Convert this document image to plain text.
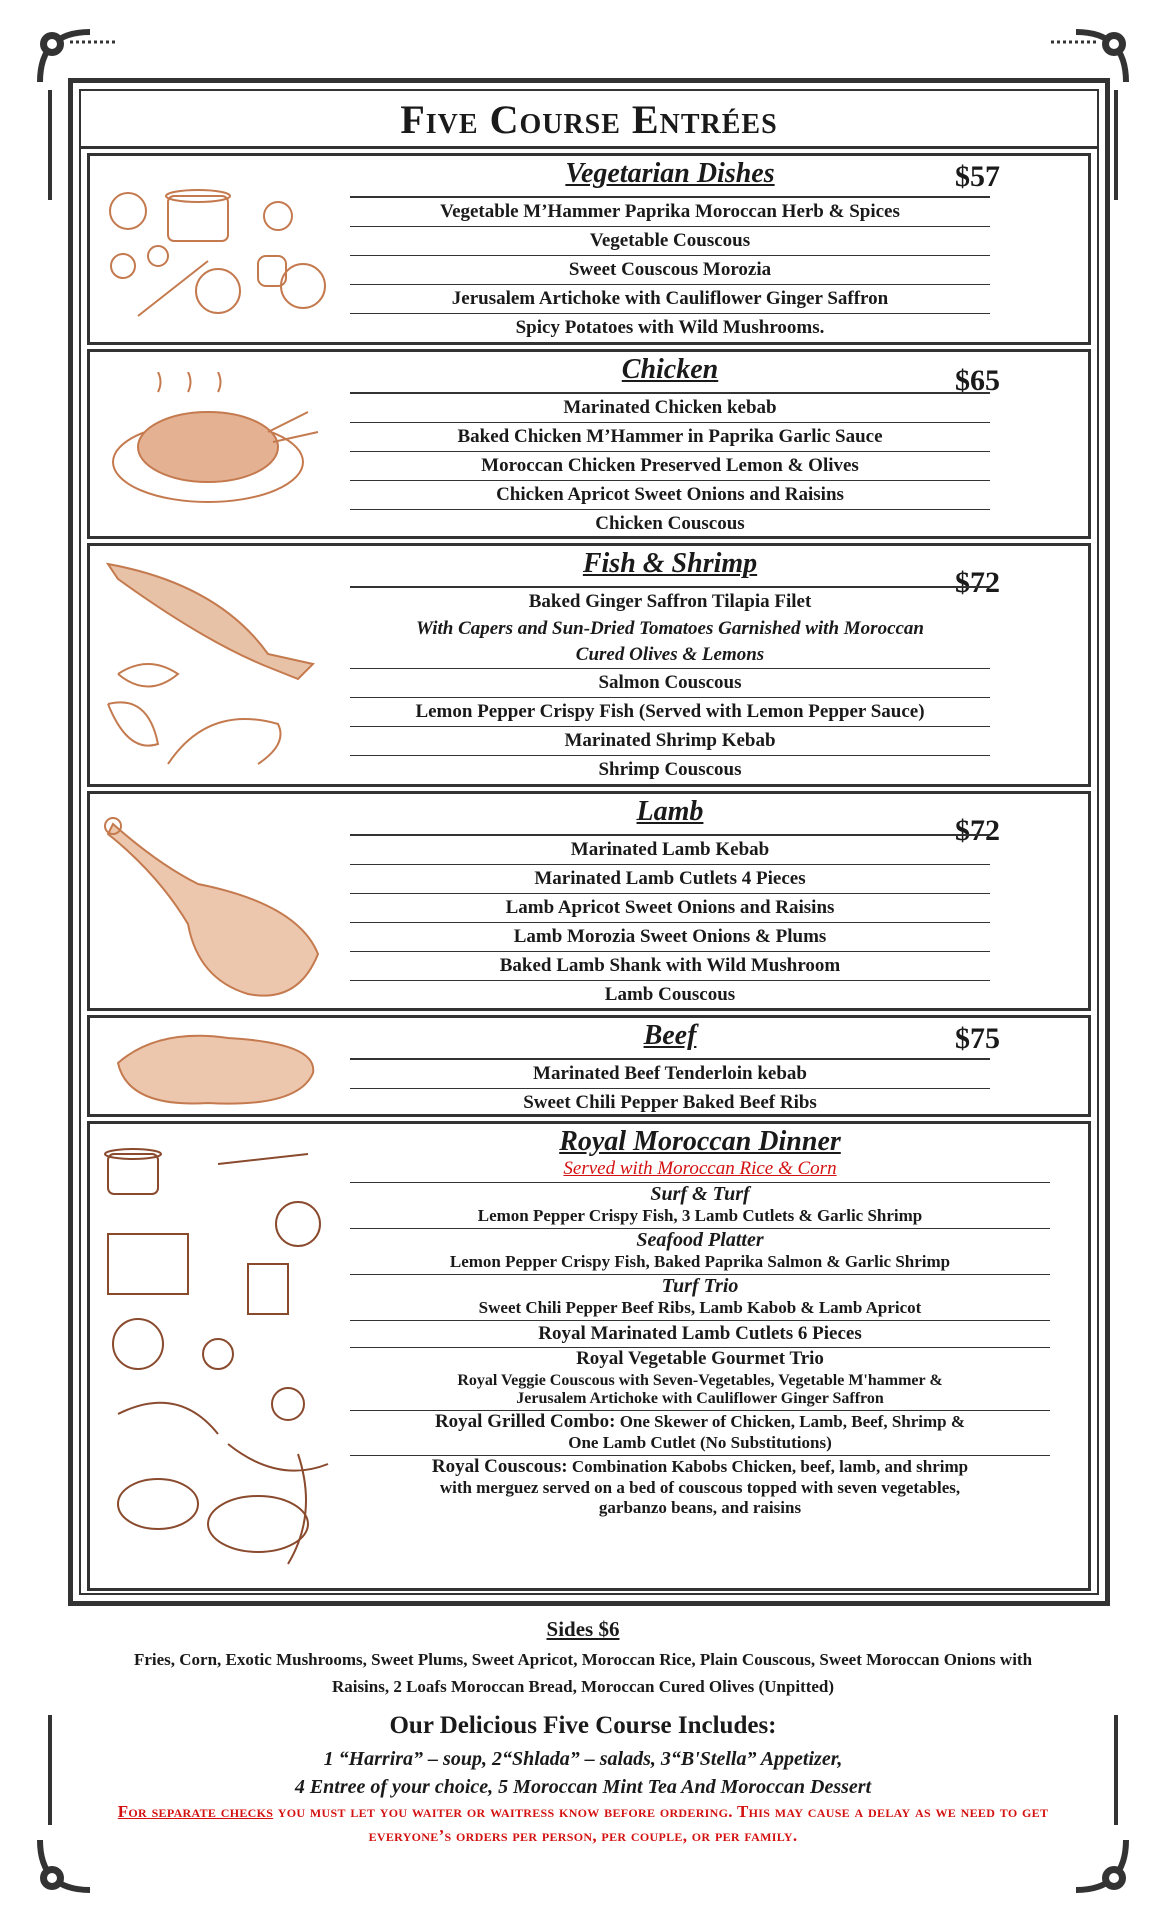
Five Course Entrées
Vegetarian Dishes	$57
Vegetable M’Hammer Paprika Moroccan Herb & Spices
Vegetable Couscous
Sweet Couscous Morozia
Jerusalem Artichoke with Cauliflower Ginger Saffron
Spicy Potatoes with Wild Mushrooms.
Chicken	$65
Marinated Chicken kebab
Baked Chicken M’Hammer in Paprika Garlic Sauce
Moroccan Chicken Preserved Lemon & Olives
Chicken Apricot Sweet Onions and Raisins
Chicken Couscous
Fish & Shrimp
$72
Baked Ginger Saffron Tilapia Filet
With Capers and Sun-Dried Tomatoes Garnished with Moroccan
Cured Olives & Lemons
Salmon Couscous
Lemon Pepper Crispy Fish (Served with Lemon Pepper Sauce)
Marinated Shrimp Kebab
Shrimp Couscous
Lamb
$72
Marinated Lamb Kebab
Marinated Lamb Cutlets 4 Pieces
Lamb Apricot Sweet Onions and Raisins
Lamb Morozia Sweet Onions & Plums
Baked Lamb Shank with Wild Mushroom
Lamb Couscous
Beef	$75
Marinated Beef Tenderloin kebab
Sweet Chili Pepper Baked Beef Ribs
Royal Moroccan Dinner
Served with Moroccan Rice & Corn
Surf & Turf
Lemon Pepper Crispy Fish, 3 Lamb Cutlets & Garlic Shrimp
Seafood Platter
Lemon Pepper Crispy Fish, Baked Paprika Salmon & Garlic Shrimp
Turf Trio
Sweet Chili Pepper Beef Ribs, Lamb Kabob & Lamb Apricot
Royal Marinated Lamb Cutlets 6 Pieces
Royal Vegetable Gourmet Trio
Royal Veggie Couscous with Seven-Vegetables, Vegetable M'hammer &
Jerusalem Artichoke with Cauliflower Ginger Saffron
Royal Grilled Combo: One Skewer of Chicken, Lamb, Beef, Shrimp &
One Lamb Cutlet (No Substitutions)
Royal Couscous: Combination Kabobs Chicken, beef, lamb, and shrimp
with merguez served on a bed of couscous topped with seven vegetables,
garbanzo beans, and raisins
Sides $6
Fries, Corn, Exotic Mushrooms, Sweet Plums, Sweet Apricot, Moroccan Rice, Plain Couscous, Sweet Moroccan Onions with
Raisins, 2 Loafs Moroccan Bread, Moroccan Cured Olives (Unpitted)
Our Delicious Five Course Includes:
1 “Harrira” – soup, 2“Shlada” – salads, 3“B'Stella” Appetizer,
4 Entree of your choice, 5 Moroccan Mint Tea And Moroccan Dessert
For separate checks you must let you waiter or waitress know before ordering. This may cause a delay as we need to get everyone’s orders per person, per couple, or per family.
